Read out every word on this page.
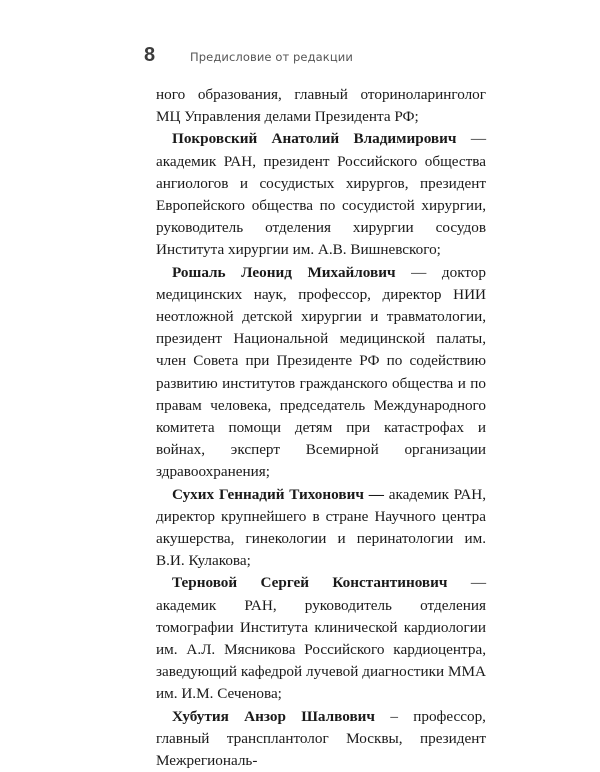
8	Предисловие от редакции

ного образования, главный оториноларинголог МЦ Управления делами Президента РФ;

Покровский Анатолий Владимирович — академик РАН, президент Российского общества ангиологов и сосудистых хирургов, президент Европейского общества по сосудистой хирургии, руководитель отделения хирургии сосудов Института хирургии им. А.В. Вишневского;

Рошаль Леонид Михайлович — доктор медицинских наук, профессор, директор НИИ неотложной детской хирургии и травматологии, президент Национальной медицинской палаты, член Совета при Президенте РФ по содействию развитию институтов гражданского общества и по правам человека, председатель Международного комитета помощи детям при катастрофах и войнах, эксперт Всемирной организации здравоохранения;

Сухих Геннадий Тихонович — академик РАН, директор крупнейшего в стране Научного центра акушерства, гинекологии и перинатологии им. В.И. Кулакова;

Терновой Сергей Константинович — академик РАН, руководитель отделения томографии Института клинической кардиологии им. А.Л. Мясникова Российского кардиоцентра, заведующий кафедрой лучевой диагностики ММА им. И.М. Сеченова;

Хубутия Анзор Шалвович – профессор, главный трансплантолог Москвы, президент Межрегиональ-
